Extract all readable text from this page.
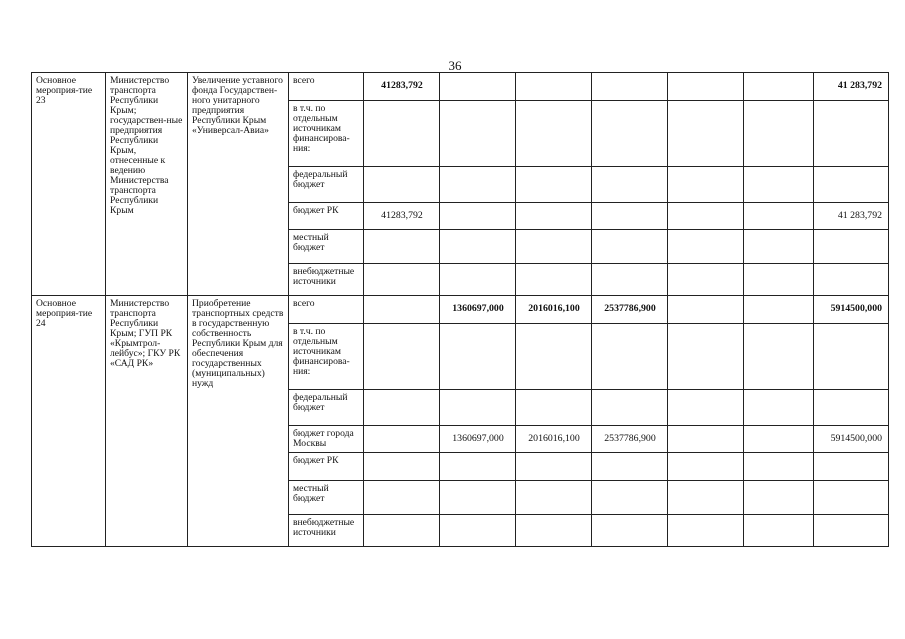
36
Основное мероприя-тие 23	Министерство транспорта Республики Крым; государствен-ные предприятия Республики Крым, отнесенные к ведению Министерства транспорта Республики Крым	Увеличение уставного фонда Государствен-ного унитарного предприятия Республики Крым «Универсал-Авиа»	всего	41283,792						41 283,792
			в т.ч. по отдельным источникам финансирова-ния:							
			федеральный бюджет							
			бюджет РК	41283,792						41 283,792
			местный бюджет							
			внебюджетные источники							
Основное мероприя-тие 24	Министерство транспорта Республики Крым; ГУП РК «Крымтрол-лейбус»; ГКУ РК «САД РК»	Приобретение транспортных средств в государственную собственность Республики Крым для обеспечения государственных (муниципальных) нужд	всего		1360697,000	2016016,100	2537786,900			5914500,000
			в т.ч. по отдельным источникам финансирова-ния:							
			федеральный бюджет							
			бюджет города Москвы		1360697,000	2016016,100	2537786,900			5914500,000
			бюджет РК							
			местный бюджет							
			внебюджетные источники							
